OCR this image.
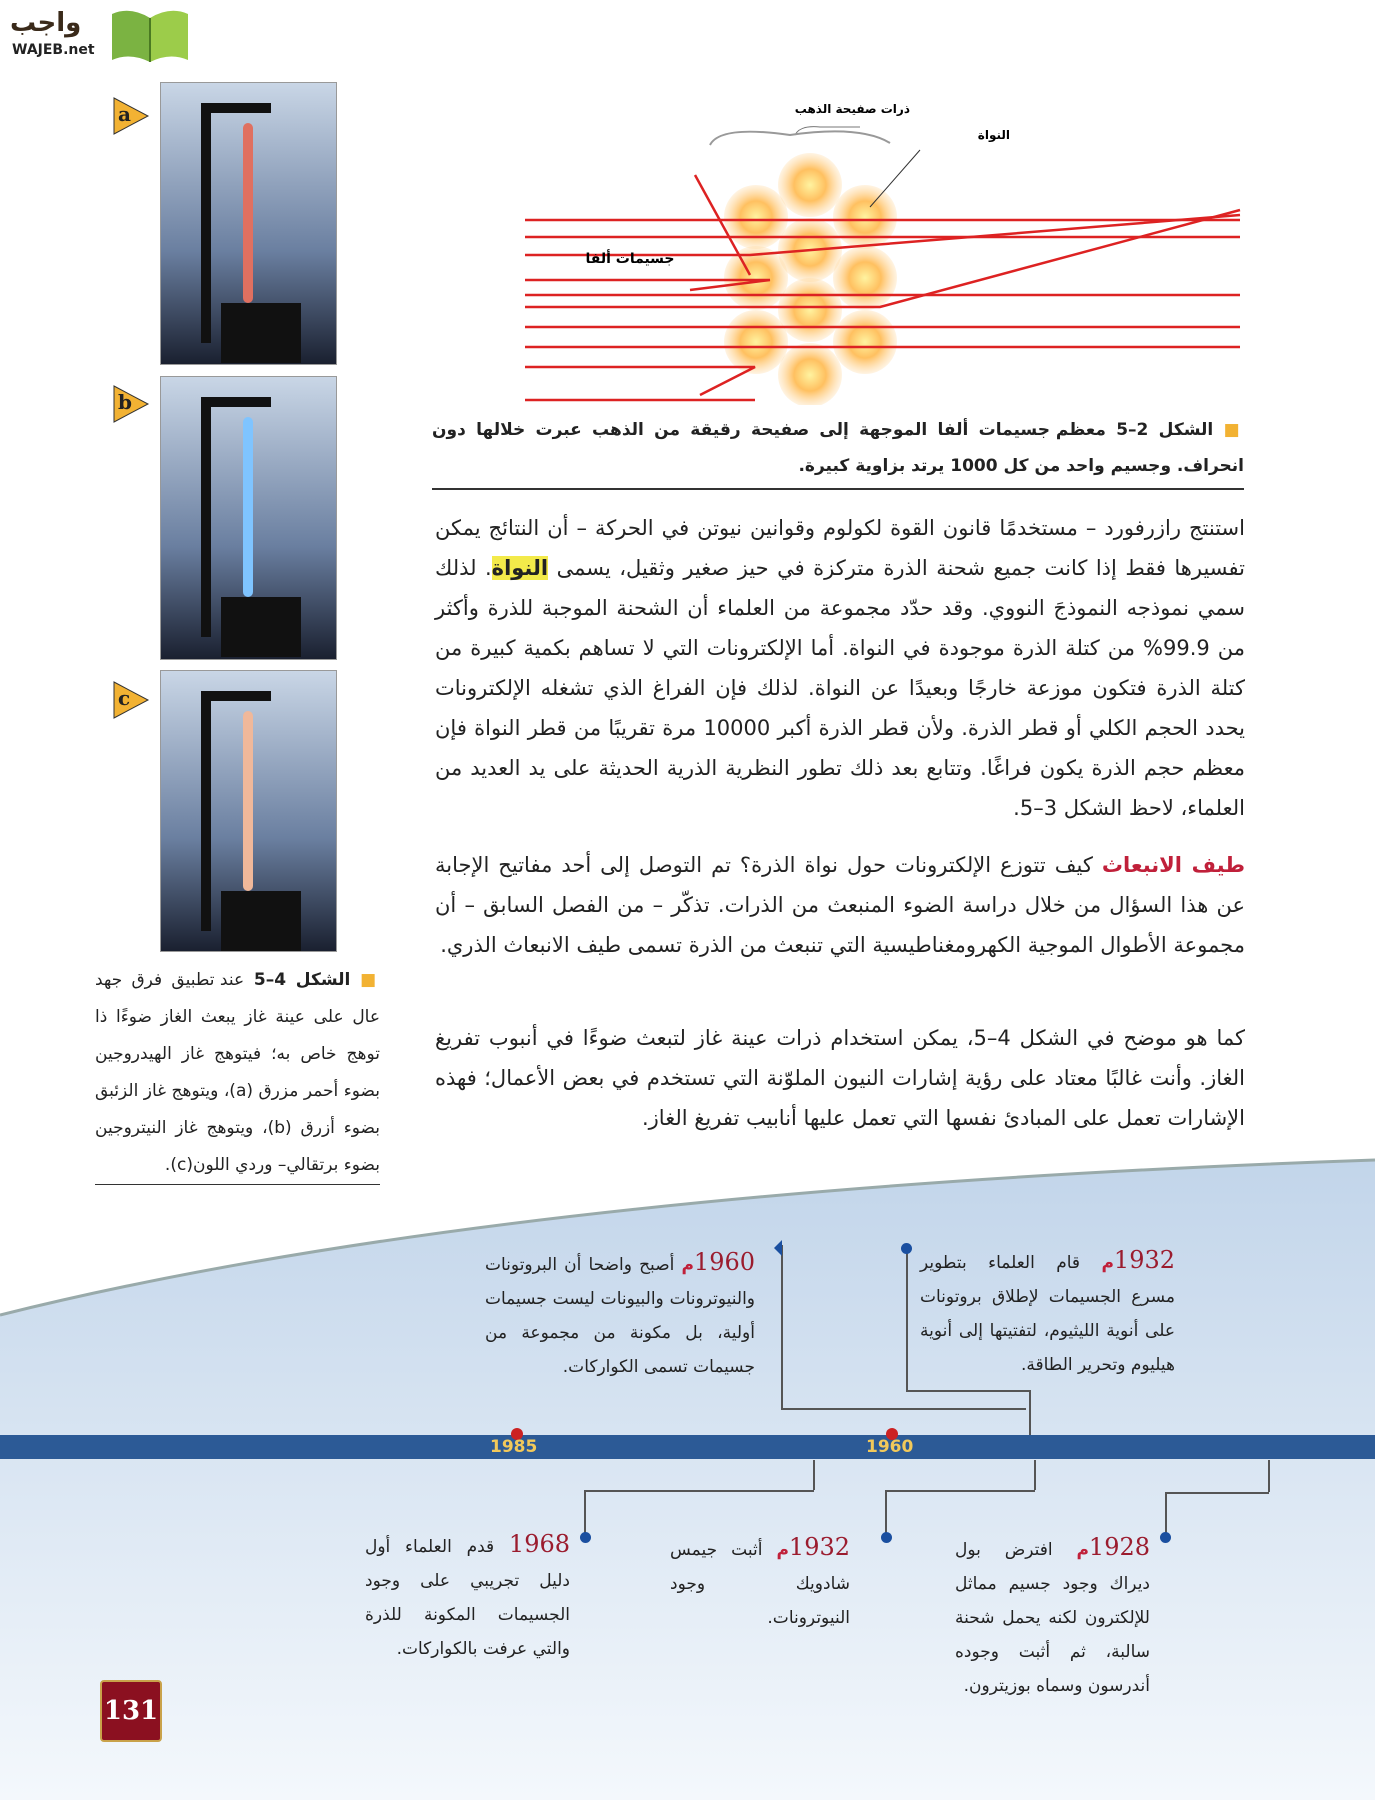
واجب
WAJEB.net
a
b
c
ذرات صفيحة الذهب
النواة
جسيمات ألفا
■ الشكل 2–5 معظم جسيمات ألفا الموجهة إلى صفيحة رقيقة من الذهب عبرت خلالها دون انحراف. وجسيم واحد من كل 1000 يرتد بزاوية كبيرة.
استنتج رازرفورد – مستخدمًا قانون القوة لكولوم وقوانين نيوتن في الحركة – أن النتائج يمكن تفسيرها فقط إذا كانت جميع شحنة الذرة متركزة في حيز صغير وثقيل، يسمى النواة. لذلك سمي نموذجه النموذجَ النووي. وقد حدّد مجموعة من العلماء أن الشحنة الموجبة للذرة وأكثر من 99.9% من كتلة الذرة موجودة في النواة. أما الإلكترونات التي لا تساهم بكمية كبيرة من كتلة الذرة فتكون موزعة خارجًا وبعيدًا عن النواة. لذلك فإن الفراغ الذي تشغله الإلكترونات يحدد الحجم الكلي أو قطر الذرة. ولأن قطر الذرة أكبر 10000 مرة تقريبًا من قطر النواة فإن معظم حجم الذرة يكون فراغًا. وتتابع بعد ذلك تطور النظرية الذرية الحديثة على يد العديد من العلماء، لاحظ الشكل 3–5.
طيف الانبعاث كيف تتوزع الإلكترونات حول نواة الذرة؟ تم التوصل إلى أحد مفاتيح الإجابة عن هذا السؤال من خلال دراسة الضوء المنبعث من الذرات. تذكّر – من الفصل السابق – أن مجموعة الأطوال الموجية الكهرومغناطيسية التي تنبعث من الذرة تسمى طيف الانبعاث الذري.
كما هو موضح في الشكل 4–5، يمكن استخدام ذرات عينة غاز لتبعث ضوءًا في أنبوب تفريغ الغاز. وأنت غالبًا معتاد على رؤية إشارات النيون الملوّنة التي تستخدم في بعض الأعمال؛ فهذه الإشارات تعمل على المبادئ نفسها التي تعمل عليها أنابيب تفريغ الغاز.
■ الشكل 4–5 عند تطبيق فرق جهد عال على عينة غاز يبعث الغاز ضوءًا ذا توهج خاص به؛ فيتوهج غاز الهيدروجين بضوء أحمر مزرق (a)، ويتوهج غاز الزئبق بضوء أزرق (b)، ويتوهج غاز النيتروجين بضوء برتقالي– وردي اللون(c).
1985	1960
1960م أصبح واضحا أن البروتونات والنيوترونات والبيونات ليست جسيمات أولية، بل مكونة من مجموعة من جسيمات تسمى الكواركات.
1932م قام العلماء بتطوير مسرع الجسيمات لإطلاق بروتونات على أنوية الليثيوم، لتفتيتها إلى أنوية هيليوم وتحرير الطاقة.
1968 قدم العلماء أول دليل تجريبي على وجود الجسيمات المكونة للذرة والتي عرفت بالكواركات.
1932م أثبت جيمس شادويك وجود النيوترونات.
1928م افترض بول ديراك وجود جسيم مماثل للإلكترون لكنه يحمل شحنة سالبة، ثم أثبت وجوده أندرسون وسماه بوزيترون.
131
